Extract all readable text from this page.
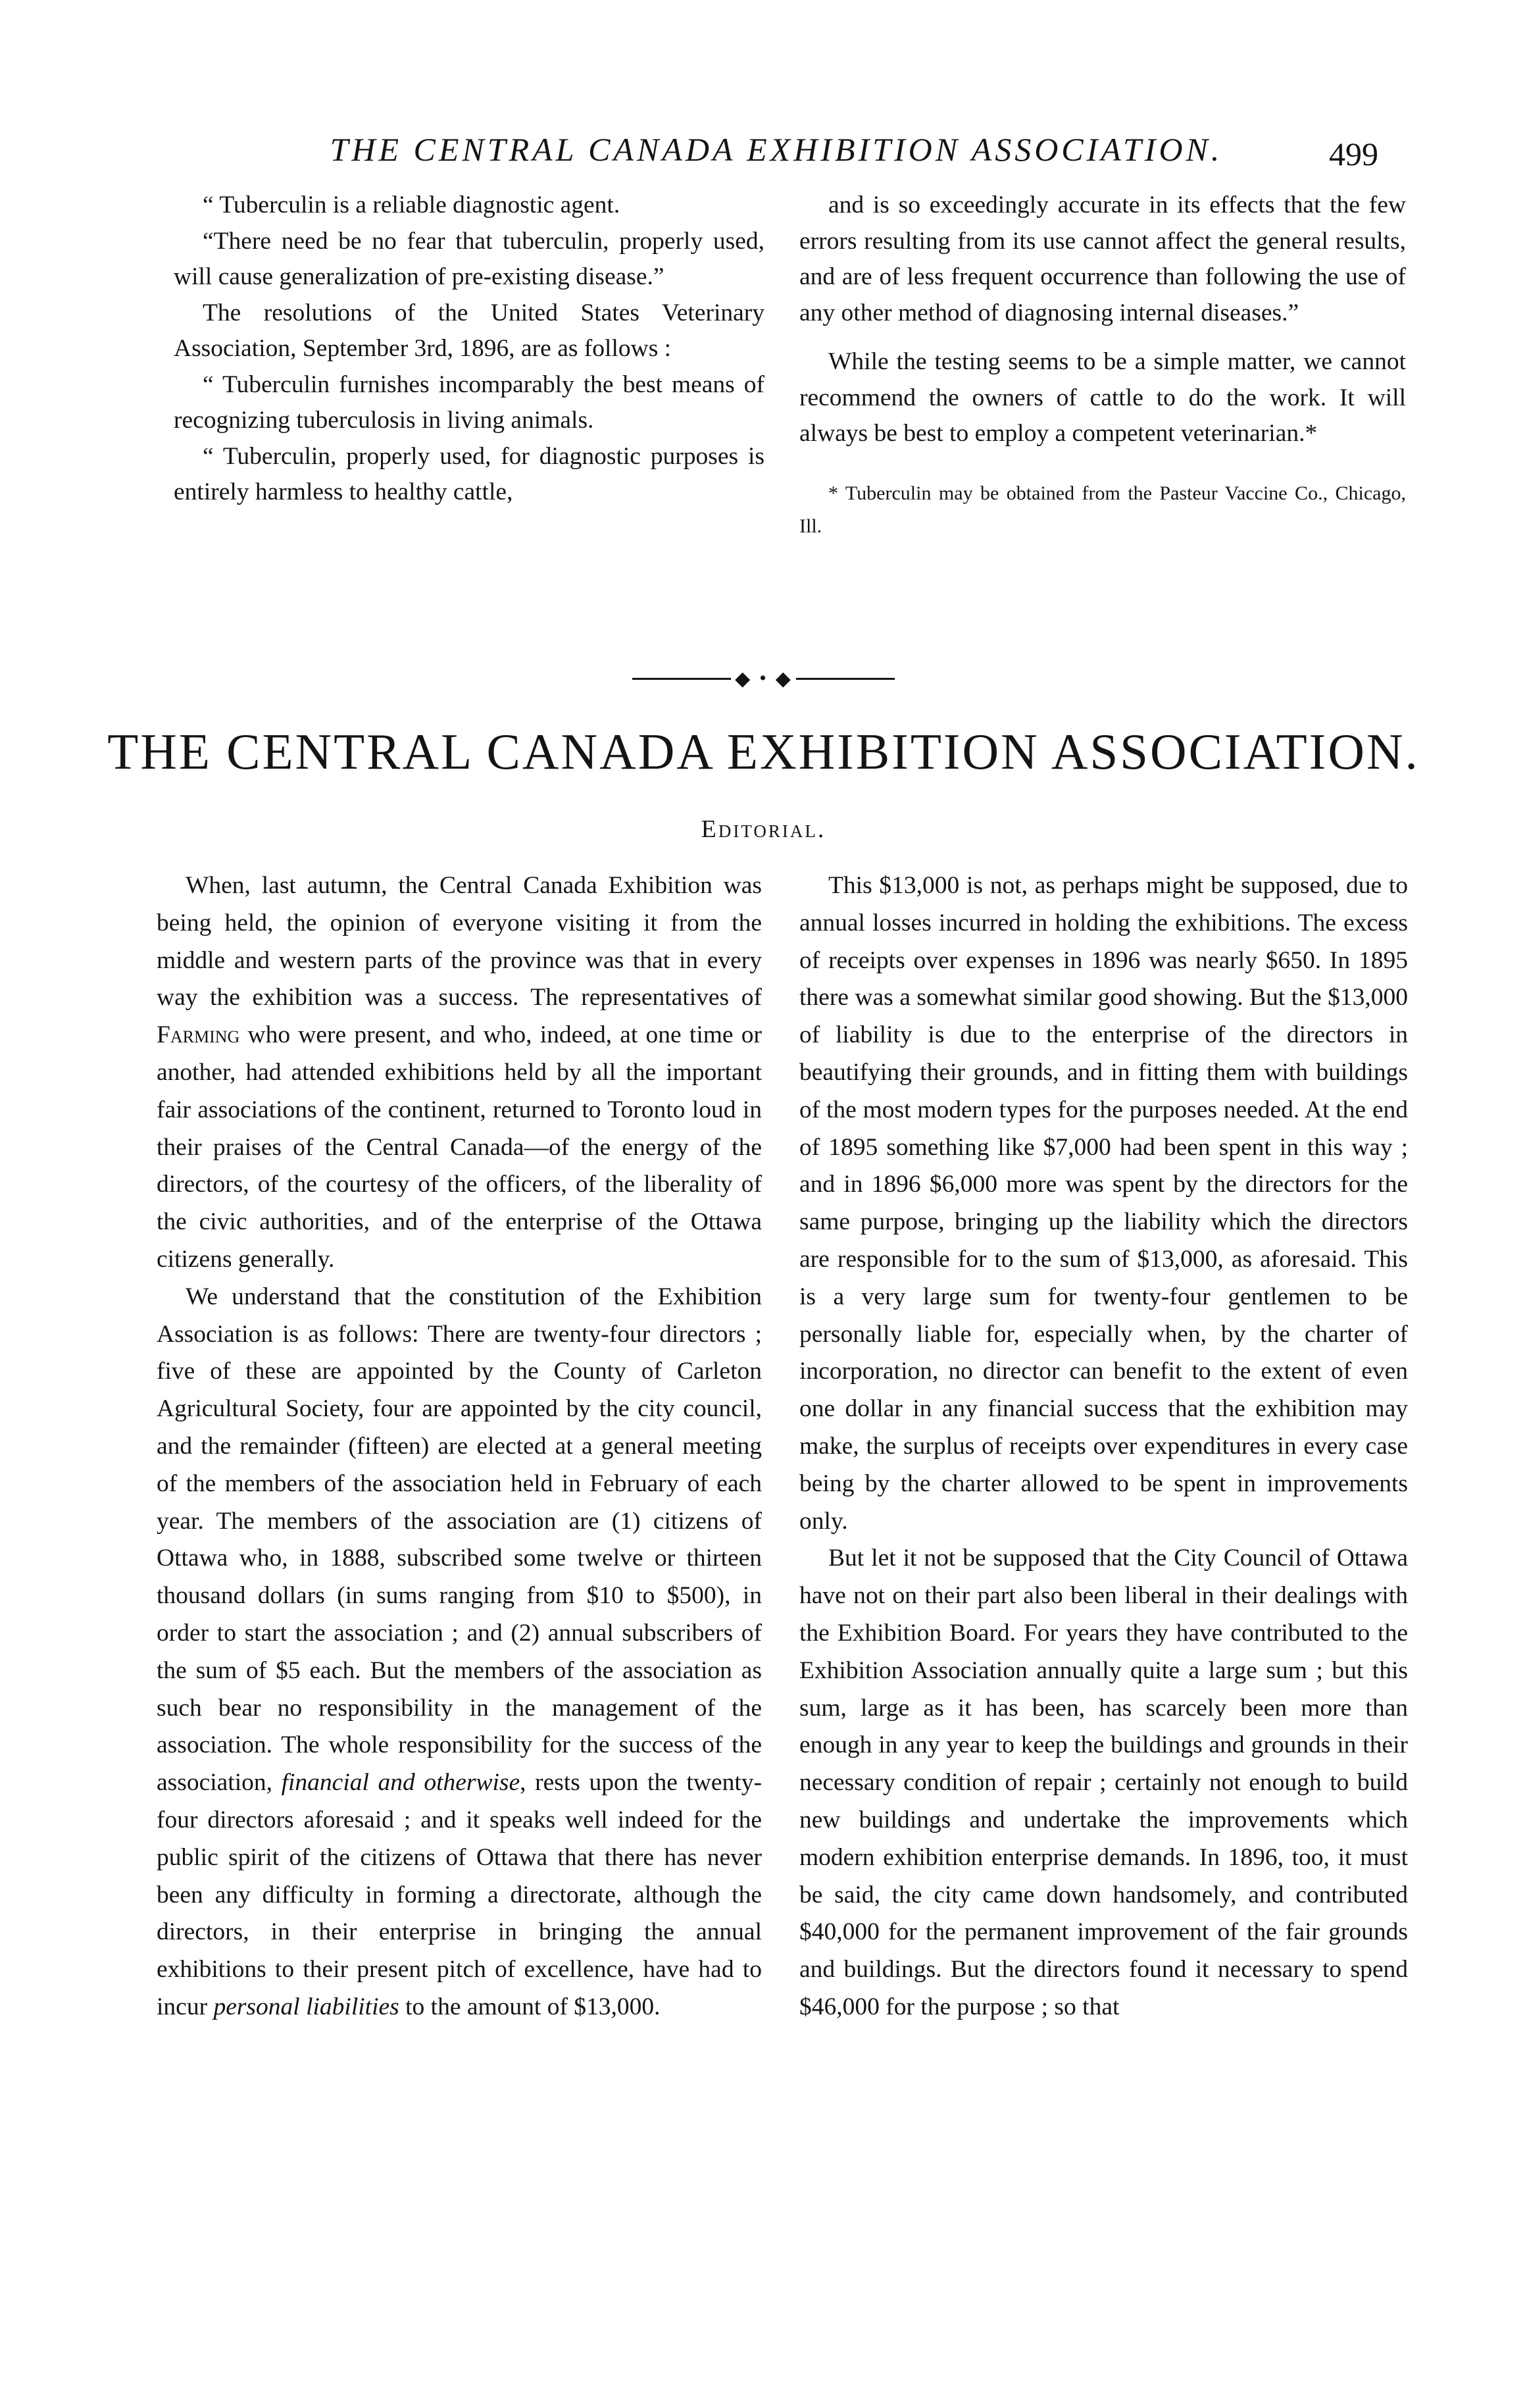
THE CENTRAL CANADA EXHIBITION ASSOCIATION.	499

“ Tuberculin is a reliable diagnostic agent.

“There need be no fear that tuberculin, properly used, will cause generalization of pre-existing disease.”

The resolutions of the United States Veterinary Association, September 3rd, 1896, are as follows :

“ Tuberculin furnishes incomparably the best means of recognizing tuberculosis in living animals.

“ Tuberculin, properly used, for diagnostic purposes is entirely harmless to healthy cattle,

and is so exceedingly accurate in its effects that the few errors resulting from its use cannot affect the general results, and are of less frequent occurrence than following the use of any other method of diagnosing internal diseases.”

While the testing seems to be a simple matter, we cannot recommend the owners of cattle to do the work. It will always be best to employ a competent veterinarian.*

* Tuberculin may be obtained from the Pasteur Vaccine Co., Chicago, Ill.

◆ • ◆
THE CENTRAL CANADA EXHIBITION ASSOCIATION.
Editorial.

When, last autumn, the Central Canada Exhibition was being held, the opinion of everyone visiting it from the middle and western parts of the province was that in every way the exhibition was a success. The representatives of Farming who were present, and who, indeed, at one time or another, had attended exhibitions held by all the important fair associations of the continent, returned to Toronto loud in their praises of the Central Canada—of the energy of the directors, of the courtesy of the officers, of the liberality of the civic authorities, and of the enterprise of the Ottawa citizens generally.

We understand that the constitution of the Exhibition Association is as follows: There are twenty-four directors ; five of these are appointed by the County of Carleton Agricultural Society, four are appointed by the city council, and the remainder (fifteen) are elected at a general meeting of the members of the association held in February of each year. The members of the association are (1) citizens of Ottawa who, in 1888, subscribed some twelve or thirteen thousand dollars (in sums ranging from $10 to $500), in order to start the association ; and (2) annual subscribers of the sum of $5 each. But the members of the association as such bear no responsibility in the management of the association. The whole responsibility for the success of the association, financial and otherwise, rests upon the twenty-four directors aforesaid ; and it speaks well indeed for the public spirit of the citizens of Ottawa that there has never been any difficulty in forming a directorate, although the directors, in their enterprise in bringing the annual exhibitions to their present pitch of excellence, have had to incur personal liabilities to the amount of $13,000.

This $13,000 is not, as perhaps might be supposed, due to annual losses incurred in holding the exhibitions. The excess of receipts over expenses in 1896 was nearly $650. In 1895 there was a somewhat similar good showing. But the $13,000 of liability is due to the enterprise of the directors in beautifying their grounds, and in fitting them with buildings of the most modern types for the purposes needed. At the end of 1895 something like $7,000 had been spent in this way ; and in 1896 $6,000 more was spent by the directors for the same purpose, bringing up the liability which the directors are responsible for to the sum of $13,000, as aforesaid. This is a very large sum for twenty-four gentlemen to be personally liable for, especially when, by the charter of incorporation, no director can benefit to the extent of even one dollar in any financial success that the exhibition may make, the surplus of receipts over expenditures in every case being by the charter allowed to be spent in improvements only.

But let it not be supposed that the City Council of Ottawa have not on their part also been liberal in their dealings with the Exhibition Board. For years they have contributed to the Exhibition Association annually quite a large sum ; but this sum, large as it has been, has scarcely been more than enough in any year to keep the buildings and grounds in their necessary condition of repair ; certainly not enough to build new buildings and undertake the improvements which modern exhibition enterprise demands. In 1896, too, it must be said, the city came down handsomely, and contributed $40,000 for the permanent improvement of the fair grounds and buildings. But the directors found it necessary to spend $46,000 for the purpose ; so that
